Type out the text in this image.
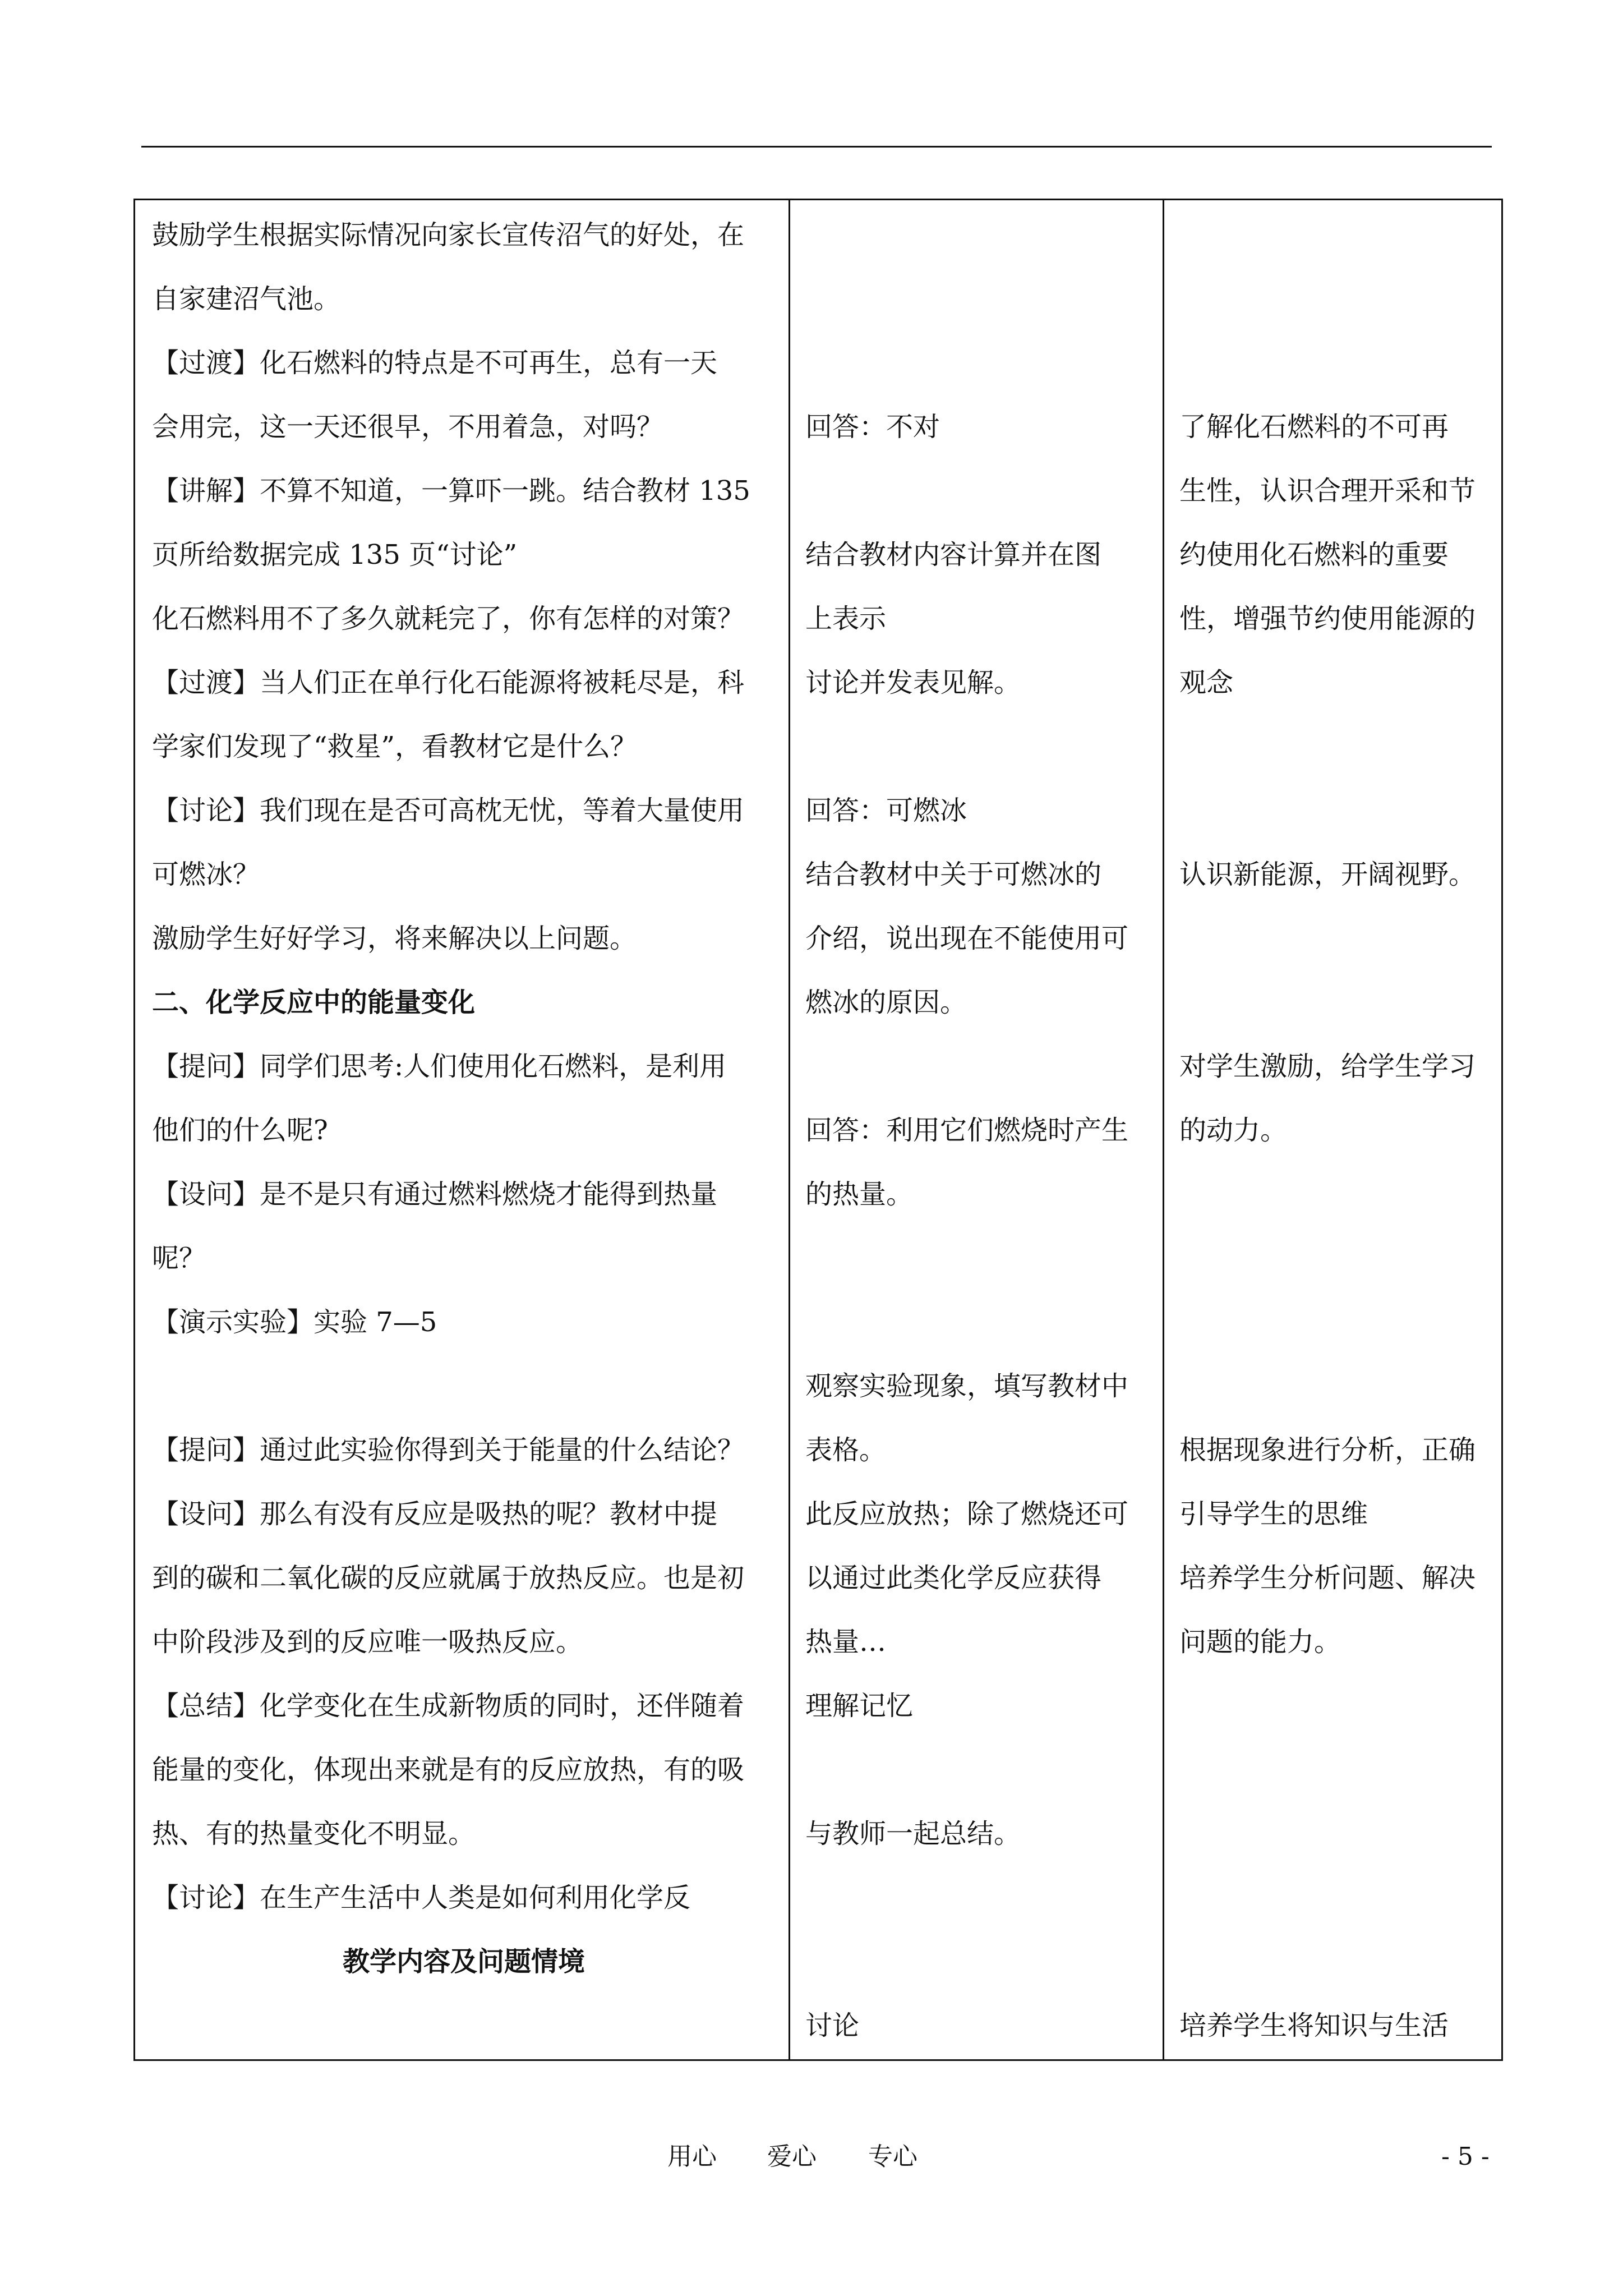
鼓励学生根据实际情况向家长宣传沼气的好处，在
自家建沼气池。
【过渡】化石燃料的特点是不可再生，总有一天
会用完，这一天还很早，不用着急，对吗？
【讲解】不算不知道，一算吓一跳。结合教材 135
页所给数据完成 135 页“讨论”
化石燃料用不了多久就耗完了，你有怎样的对策？
【过渡】当人们正在单行化石能源将被耗尽是，科
学家们发现了“救星”，看教材它是什么？
【讨论】我们现在是否可高枕无忧，等着大量使用
可燃冰？
激励学生好好学习，将来解决以上问题。
二、化学反应中的能量变化
【提问】同学们思考:人们使用化石燃料，是利用
他们的什么呢?
【设问】是不是只有通过燃料燃烧才能得到热量
呢？
【演示实验】实验 7—5
【提问】通过此实验你得到关于能量的什么结论？
【设问】那么有没有反应是吸热的呢？教材中提
到的碳和二氧化碳的反应就属于放热反应。也是初
中阶段涉及到的反应唯一吸热反应。
【总结】化学变化在生成新物质的同时，还伴随着
能量的变化，体现出来就是有的反应放热，有的吸
热、有的热量变化不明显。
【讨论】在生产生活中人类是如何利用化学反
教学内容及问题情境
回答：不对
结合教材内容计算并在图
上表示
讨论并发表见解。
回答：可燃冰
结合教材中关于可燃冰的
介绍，说出现在不能使用可
燃冰的原因。
回答：利用它们燃烧时产生
的热量。
观察实验现象，填写教材中
表格。
此反应放热；除了燃烧还可
以通过此类化学反应获得
热量…
理解记忆
与教师一起总结。
讨论
了解化石燃料的不可再
生性，认识合理开采和节
约使用化石燃料的重要
性，增强节约使用能源的
观念
认识新能源，开阔视野。
对学生激励，给学生学习
的动力。
根据现象进行分析，正确
引导学生的思维
培养学生分析问题、解决
问题的能力。
培养学生将知识与生活
用心 爱心 专心	- 5 -
